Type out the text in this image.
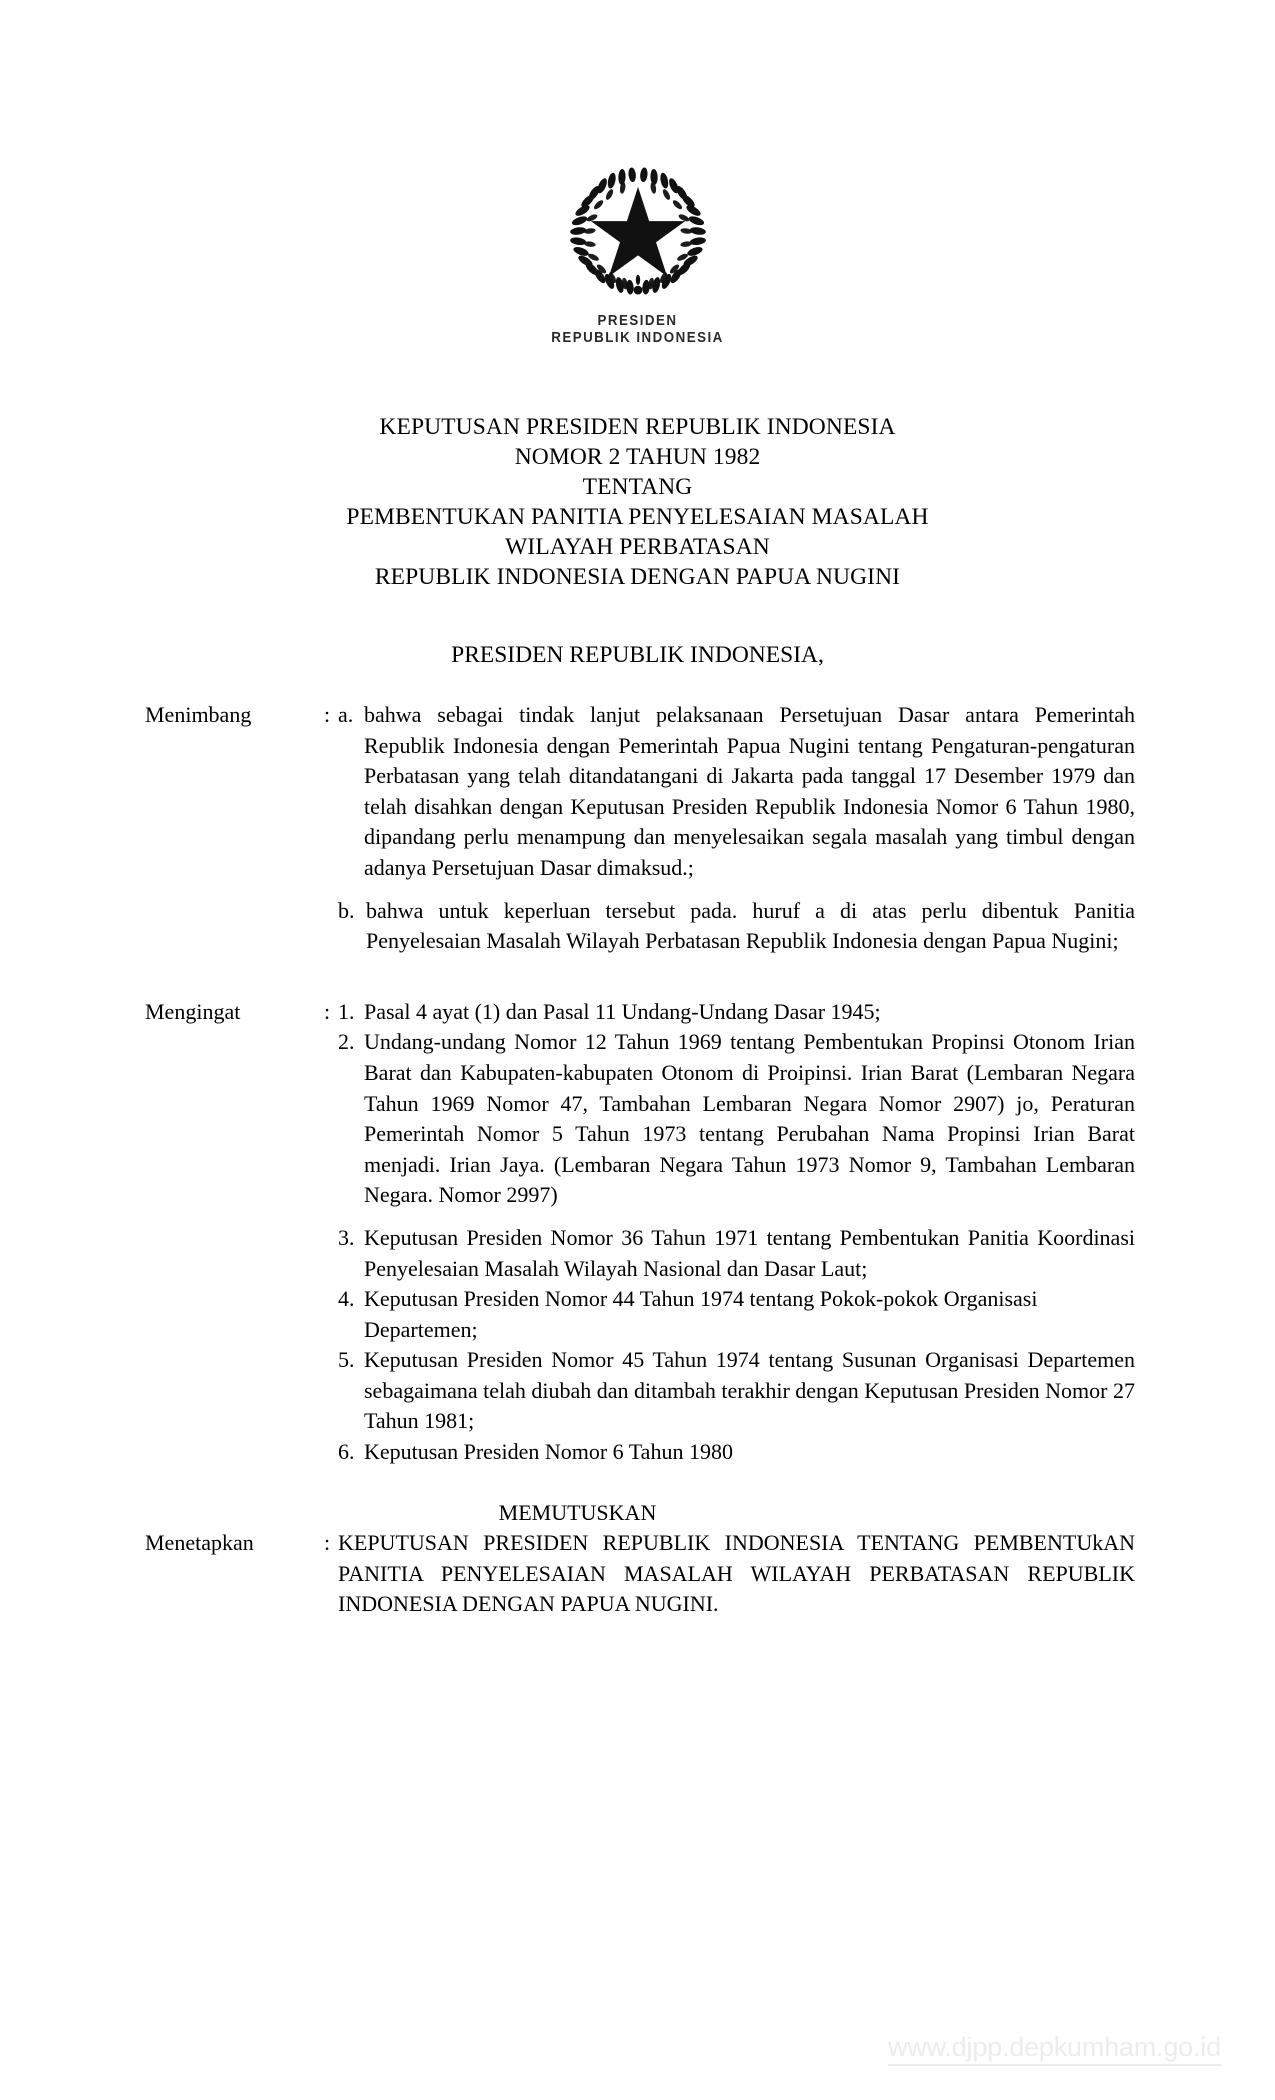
PRESIDEN
REPUBLIK INDONESIA
KEPUTUSAN PRESIDEN REPUBLIK INDONESIA
NOMOR 2 TAHUN 1982
TENTANG
PEMBENTUKAN PANITIA PENYELESAIAN MASALAH
WILAYAH PERBATASAN
REPUBLIK INDONESIA DENGAN PAPUA NUGINI
PRESIDEN REPUBLIK INDONESIA,
Menimbang	: a. bahwa sebagai tindak lanjut pelaksanaan Persetujuan Dasar antara Pemerintah Republik Indonesia dengan Pemerintah Papua Nugini tentang Pengaturan-pengaturan Perbatasan yang telah ditandatangani di Jakarta pada tanggal 17 Desember 1979 dan telah disahkan dengan Keputusan Presiden Republik Indonesia Nomor 6 Tahun 1980, dipandang perlu menampung dan menyelesaikan segala masalah yang timbul dengan adanya Persetujuan Dasar dimaksud.;

b. bahwa untuk keperluan tersebut pada. huruf a di atas perlu dibentuk Panitia Penyelesaian Masalah Wilayah Perbatasan Republik Indonesia dengan Papua Nugini;

Mengingat	: 1. Pasal 4 ayat (1) dan Pasal 11 Undang-Undang Dasar 1945;
2. Undang-undang Nomor 12 Tahun 1969 tentang Pembentukan Propinsi Otonom Irian Barat dan Kabupaten-kabupaten Otonom di Proipinsi. Irian Barat (Lembaran Negara Tahun 1969 Nomor 47, Tambahan Lembaran Negara Nomor 2907) jo, Peraturan Pemerintah Nomor 5 Tahun 1973 tentang Perubahan Nama Propinsi Irian Barat menjadi. Irian Jaya. (Lembaran Negara Tahun 1973 Nomor 9, Tambahan Lembaran Negara. Nomor 2997)
3. Keputusan Presiden Nomor 36 Tahun 1971 tentang Pembentukan Panitia Koordinasi Penyelesaian Masalah Wilayah Nasional dan Dasar Laut;
4. Keputusan Presiden Nomor 44 Tahun 1974 tentang Pokok-pokok Organisasi Departemen;
5. Keputusan Presiden Nomor 45 Tahun 1974 tentang Susunan Organisasi Departemen sebagaimana telah diubah dan ditambah terakhir dengan Keputusan Presiden Nomor 27 Tahun 1981;
6. Keputusan Presiden Nomor 6 Tahun 1980
MEMUTUSKAN
Menetapkan	: KEPUTUSAN PRESIDEN REPUBLIK INDONESIA TENTANG PEMBENTUkAN PANITIA PENYELESAIAN MASALAH WILAYAH PERBATASAN REPUBLIK INDONESIA DENGAN PAPUA NUGINI.
www.djpp.depkumham.go.id
